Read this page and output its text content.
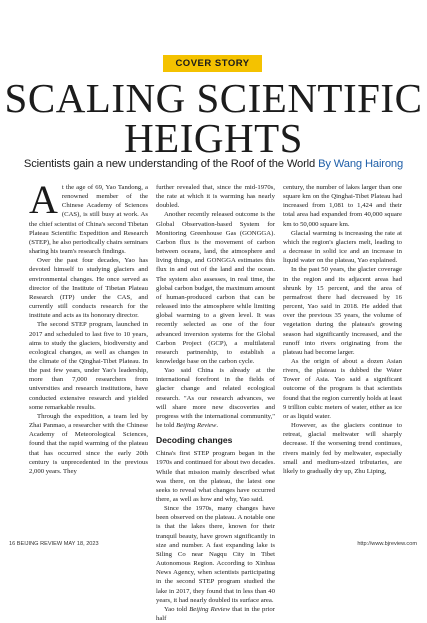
COVER STORY
SCALING SCIENTIFIC
HEIGHTS
Scientists gain a new understanding of the Roof of the World By Wang Hairong

At the age of 69, Yao Tandong, a renowned member of the Chinese Academy of Sciences (CAS), is still busy at work. As the chief scientist of China's second Tibetan Plateau Scientific Expedition and Research (STEP), he also periodically chairs seminars sharing his team's research findings.

Over the past four decades, Yao has devoted himself to studying glaciers and environmental changes. He once served as director of the Institute of Tibetan Plateau Research (ITP) under the CAS, and currently still conducts research for the institute and acts as its honorary director.

The second STEP program, launched in 2017 and scheduled to last five to 10 years, aims to study the glaciers, biodiversity and ecological changes, as well as changes in the climate of the Qinghai-Tibet Plateau. In the past few years, under Yao's leadership, more than 7,000 researchers from universities and research institutions, have conducted extensive research and yielded some remarkable results.

Through the expedition, a team led by Zhai Panmao, a researcher with the Chinese Academy of Meteorological Sciences, found that the rapid warming of the plateau that has occurred since the early 20th century is unprecedented in the previous 2,000 years. They

further revealed that, since the mid-1970s, the rate at which it is warming has nearly doubled.

Another recently released outcome is the Global Observation-based System for Monitoring Greenhouse Gas (GONGGA). Carbon flux is the movement of carbon between oceans, land, the atmosphere and living things, and GONGGA estimates this flux in and out of the land and the ocean. The system also assesses, in real time, the global carbon budget, the maximum amount of human-produced carbon that can be released into the atmosphere while limiting global warming to a given level. It was recently selected as one of the four advanced inversion systems for the Global Carbon Project (GCP), a multilateral research partnership, to establish a knowledge base on the carbon cycle.

Yao said China is already at the international forefront in the fields of glacier change and related ecological research. "As our research advances, we will share more new discoveries and progress with the international community," he told Beijing Review.

Decoding changes

China's first STEP program began in the 1970s and continued for about two decades. While that mission mainly described what was there, on the plateau, the latest one seeks to reveal what changes have occurred there, as well as how and why, Yao said.

Since the 1970s, many changes have been observed on the plateau. A notable one is that the lakes there, known for their tranquil beauty, have grown significantly in size and number. A fast expanding lake is Siling Co near Nagqu City in Tibet Autonomous Region. According to Xinhua News Agency, when scientists participating in the second STEP program studied the lake in 2017, they found that in less than 40 years, it had nearly doubled its surface area.

Yao told Beijing Review that in the prior half

century, the number of lakes larger than one square km on the Qinghai-Tibet Plateau had increased from 1,081 to 1,424 and their total area had expanded from 40,000 square km to 50,000 square km.

Glacial warming is increasing the rate at which the region's glaciers melt, leading to a decrease in solid ice and an increase in liquid water on the plateau, Yao explained.

In the past 50 years, the glacier coverage in the region and its adjacent areas had shrunk by 15 percent, and the area of permafrost there had decreased by 16 percent, Yao said in 2018. He added that over the previous 35 years, the volume of vegetation during the plateau's growing season had significantly increased, and the runoff into rivers originating from the plateau had become larger.

As the origin of about a dozen Asian rivers, the plateau is dubbed the Water Tower of Asia. Yao said a significant outcome of the program is that scientists found that the region currently holds at least 9 trillion cubic meters of water, either as ice or as liquid water.

However, as the glaciers continue to retreat, glacial meltwater will sharply decrease. If the worsening trend continues, rivers mainly fed by meltwater, especially small and medium-sized tributaries, are likely to gradually dry up, Zhu Liping,

16 BEIJING REVIEW MAY 18, 2023	http://www.bjreview.com
